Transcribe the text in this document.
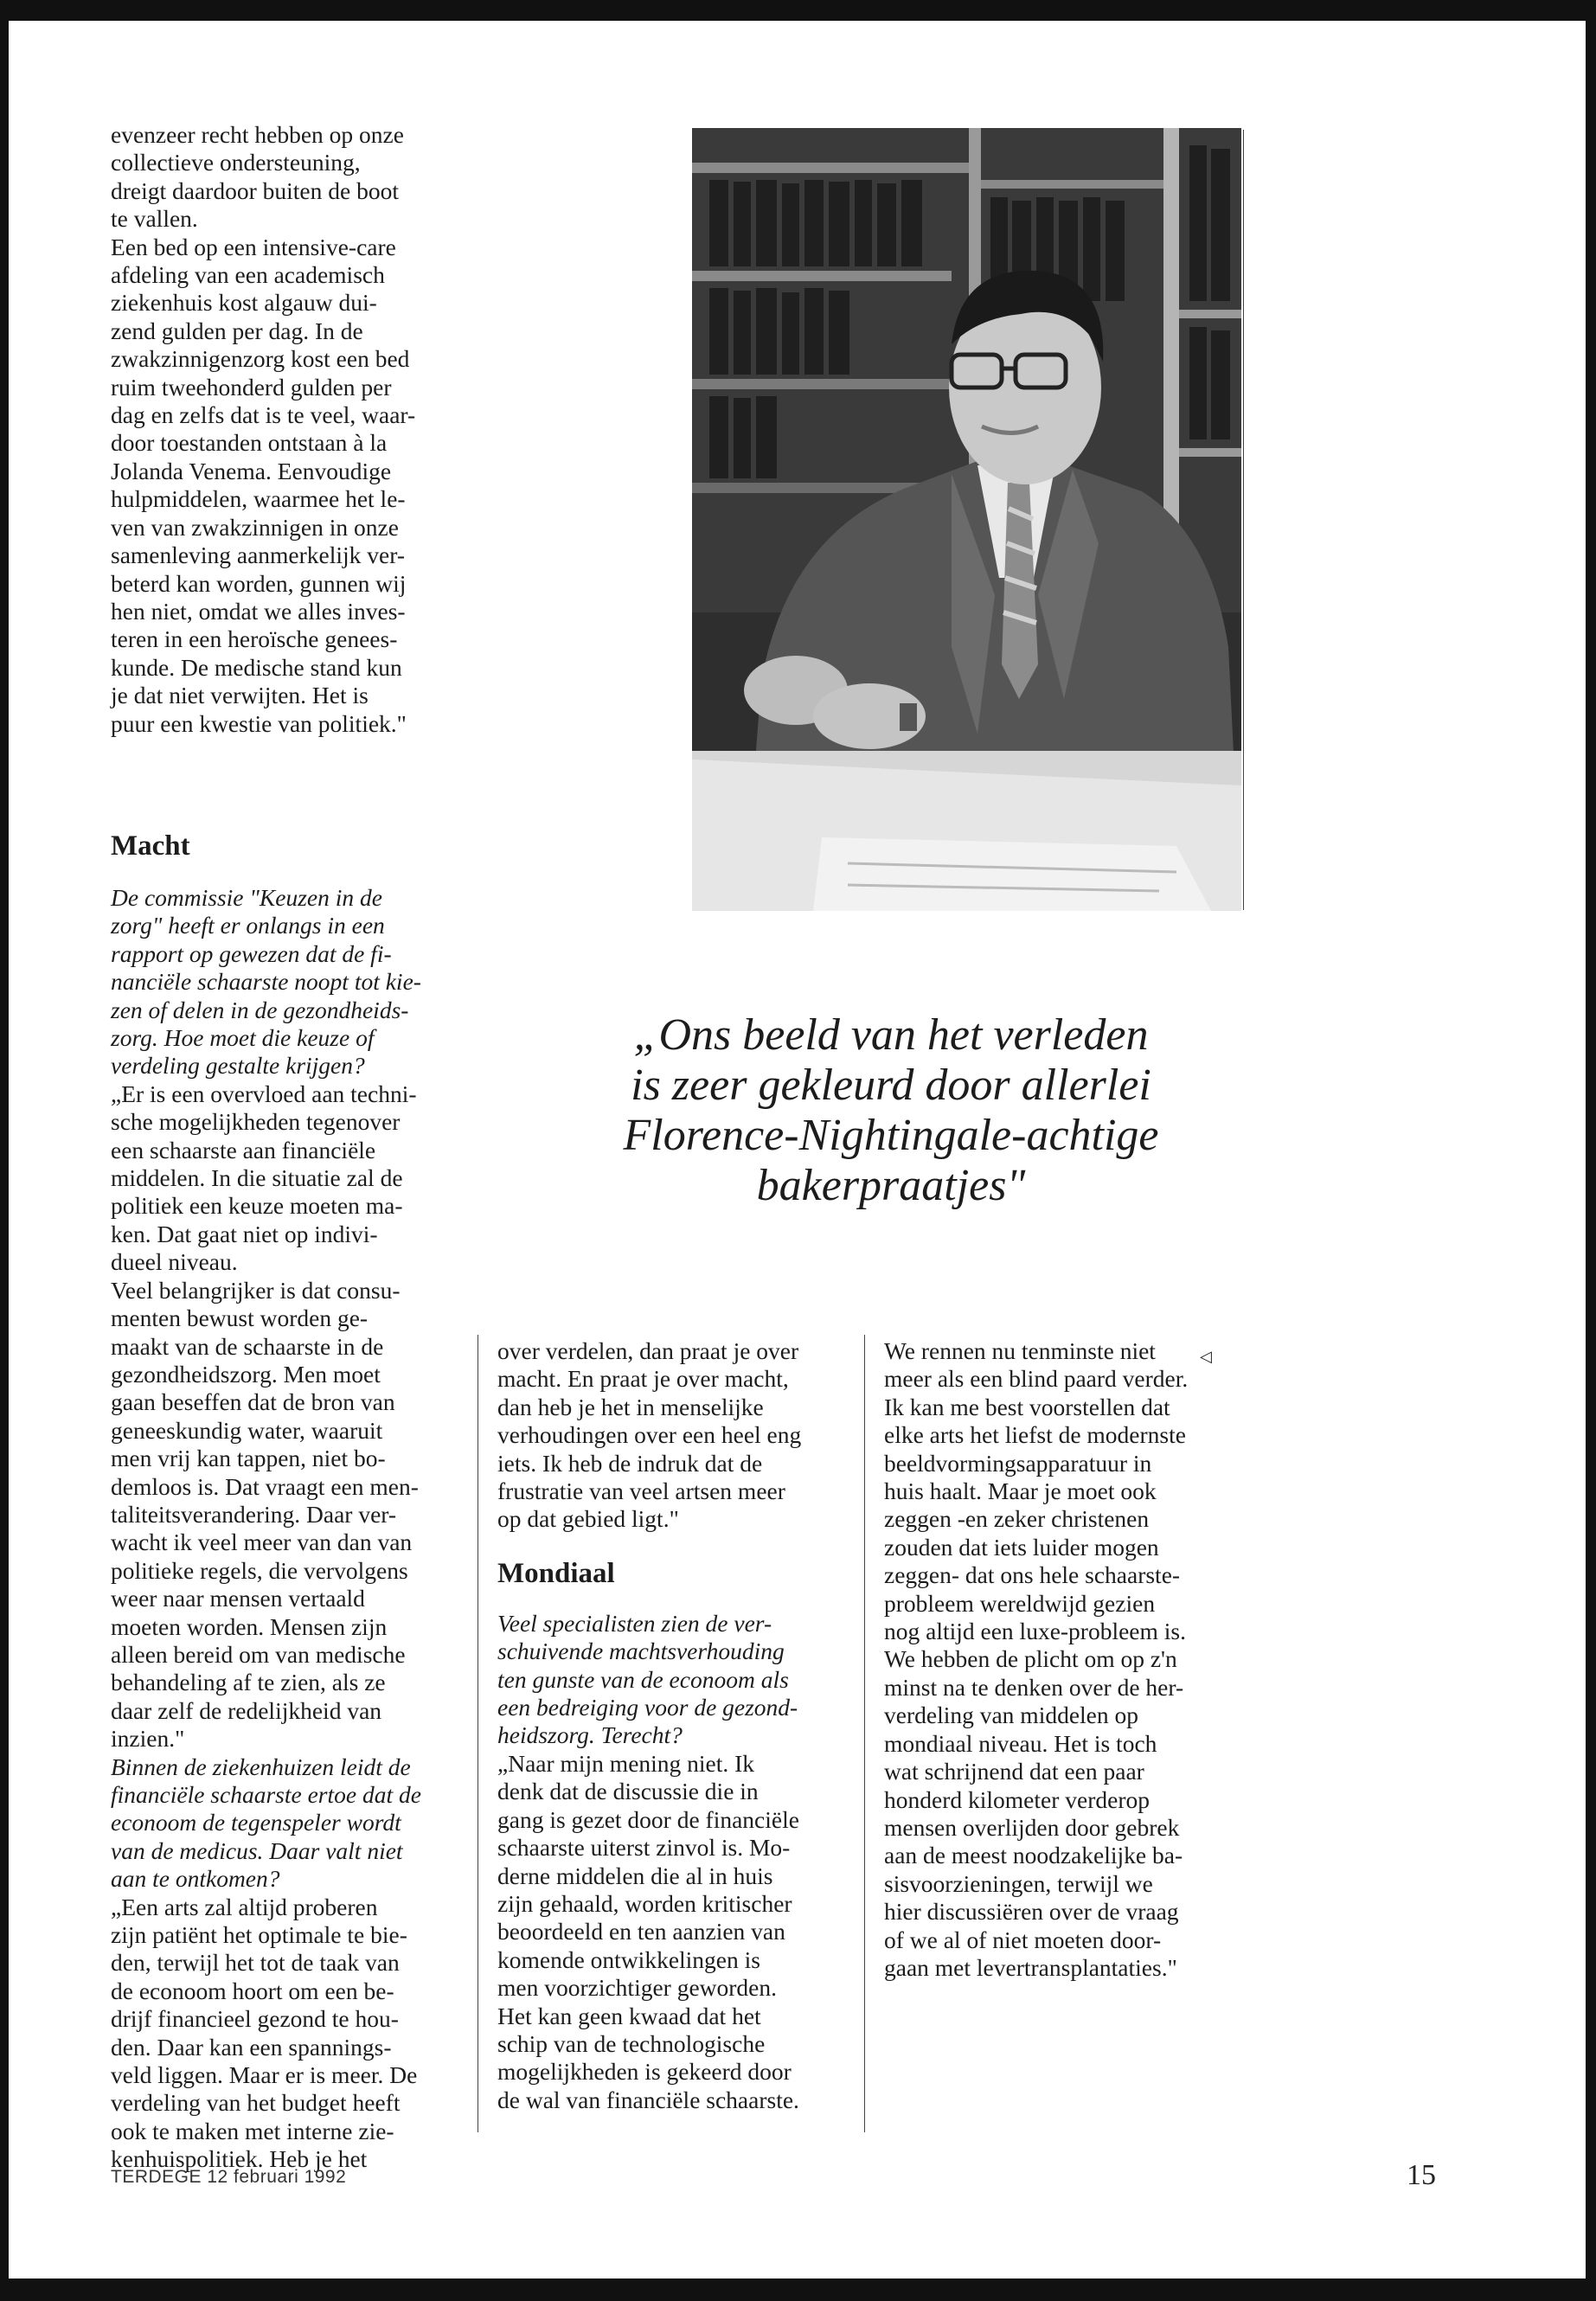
evenzeer recht hebben op onze

collectieve ondersteuning,

dreigt daardoor buiten de boot

te vallen.

Een bed op een intensive-care

afdeling van een academisch

ziekenhuis kost algauw dui-

zend gulden per dag. In de

zwakzinnigenzorg kost een bed

ruim tweehonderd gulden per

dag en zelfs dat is te veel, waar-

door toestanden ontstaan à la

Jolanda Venema. Eenvoudige

hulpmiddelen, waarmee het le-

ven van zwakzinnigen in onze

samenleving aanmerkelijk ver-

beterd kan worden, gunnen wij

hen niet, omdat we alles inves-

teren in een heroïsche genees-

kunde. De medische stand kun

je dat niet verwijten. Het is

puur een kwestie van politiek."

Macht

De commissie "Keuzen in de

zorg" heeft er onlangs in een

rapport op gewezen dat de fi-

nanciële schaarste noopt tot kie-

zen of delen in de gezondheids-

zorg. Hoe moet die keuze of

verdeling gestalte krijgen?

„Er is een overvloed aan techni-

sche mogelijkheden tegenover

een schaarste aan financiële

middelen. In die situatie zal de

politiek een keuze moeten ma-

ken. Dat gaat niet op indivi-

dueel niveau.

Veel belangrijker is dat consu-

menten bewust worden ge-

maakt van de schaarste in de

gezondheidszorg. Men moet

gaan beseffen dat de bron van

geneeskundig water, waaruit

men vrij kan tappen, niet bo-

demloos is. Dat vraagt een men-

taliteitsverandering. Daar ver-

wacht ik veel meer van dan van

politieke regels, die vervolgens

weer naar mensen vertaald

moeten worden. Mensen zijn

alleen bereid om van medische

behandeling af te zien, als ze

daar zelf de redelijkheid van

inzien."

Binnen de ziekenhuizen leidt de

financiële schaarste ertoe dat de

econoom de tegenspeler wordt

van de medicus. Daar valt niet

aan te ontkomen?

„Een arts zal altijd proberen

zijn patiënt het optimale te bie-

den, terwijl het tot de taak van

de econoom hoort om een be-

drijf financieel gezond te hou-

den. Daar kan een spannings-

veld liggen. Maar er is meer. De

verdeling van het budget heeft

ook te maken met interne zie-

kenhuispolitiek. Heb je het

„Ons beeld van het verleden
is zeer gekleurd door allerlei
Florence-Nightingale-achtige
bakerpraatjes"

over verdelen, dan praat je over

macht. En praat je over macht,

dan heb je het in menselijke

verhoudingen over een heel eng

iets. Ik heb de indruk dat de

frustratie van veel artsen meer

op dat gebied ligt."

Mondiaal

Veel specialisten zien de ver-

schuivende machtsverhouding

ten gunste van de econoom als

een bedreiging voor de gezond-

heidszorg. Terecht?

„Naar mijn mening niet. Ik

denk dat de discussie die in

gang is gezet door de financiële

schaarste uiterst zinvol is. Mo-

derne middelen die al in huis

zijn gehaald, worden kritischer

beoordeeld en ten aanzien van

komende ontwikkelingen is

men voorzichtiger geworden.

Het kan geen kwaad dat het

schip van de technologische

mogelijkheden is gekeerd door

de wal van financiële schaarste.

We rennen nu tenminste niet

meer als een blind paard verder.

Ik kan me best voorstellen dat

elke arts het liefst de modernste

beeldvormingsapparatuur in

huis haalt. Maar je moet ook

zeggen -en zeker christenen

zouden dat iets luider mogen

zeggen- dat ons hele schaarste-

probleem wereldwijd gezien

nog altijd een luxe-probleem is.

We hebben de plicht om op z'n

minst na te denken over de her-

verdeling van middelen op

mondiaal niveau. Het is toch

wat schrijnend dat een paar

honderd kilometer verderop

mensen overlijden door gebrek

aan de meest noodzakelijke ba-

sisvoorzieningen, terwijl we

hier discussiëren over de vraag

of we al of niet moeten door-

gaan met levertransplantaties."

◁
TERDEGE 12 februari 1992	15
